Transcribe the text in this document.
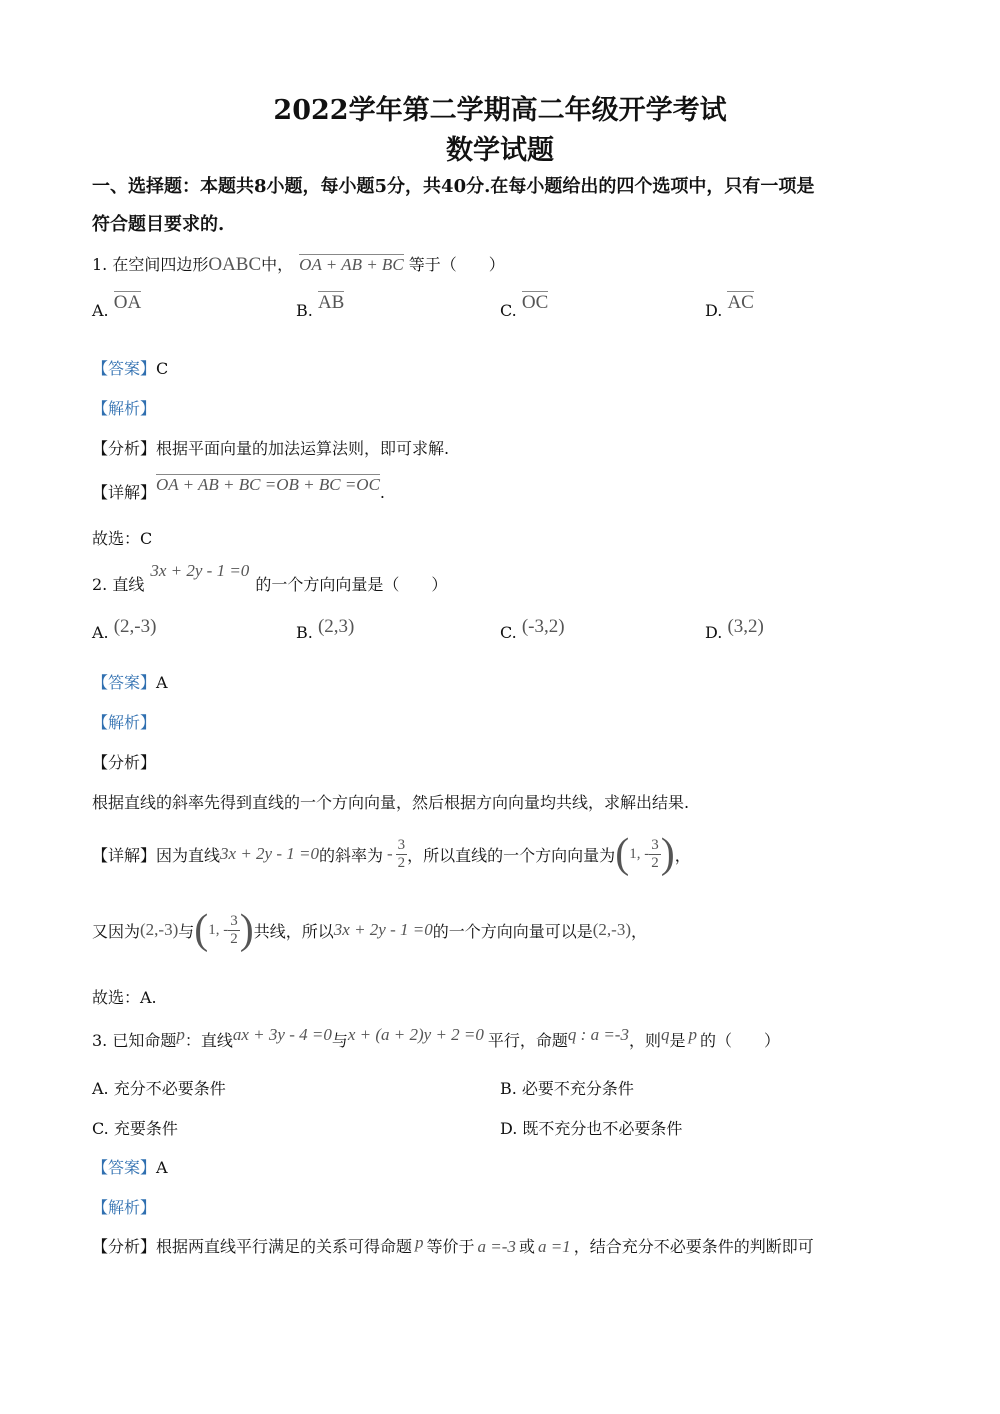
2022学年第二学期高二年级开学考试
数学试题
一、选择题：本题共8小题，每小题5分，共40分.在每小题给出的四个选项中，只有一项是
符合题目要求的.
1. 在空间四边形OABC中， OA + AB + BC 等于（　　）
A. OA	B. AB	C. OC	D. AC
【答案】C
【解析】
【分析】根据平面向量的加法运算法则，即可求解.
【详解】OA + AB + BC =OB + BC =OC.
故选：C
2. 直线3x + 2y - 1 =0的一个方向向量是（　　）
A. (2,-3)	B. (2,3)	C. (-3,2)	D. (3,2)
【答案】A
【解析】
【分析】
根据直线的斜率先得到直线的一个方向向量，然后根据方向向量均共线，求解出结果.
【详解】 因为直线 3x + 2y - 1 =0 的斜率为 - $\frac{3}{2}$ ，所以直线的一个方向向量为 ( 1, - $\frac{3}{2}$ ) ，
又因为 (2,-3) 与 ( 1, - $\frac{3}{2}$ ) 共线，所以 3x + 2y - 1 =0 的一个方向向量可以是 (2,-3) ，
故选：A.
3. 已知命题p：直线ax + 3y - 4 =0与x + (a + 2)y + 2 =0 平行，命题q : a =-3，则q是 p 的（　　）
A. 充分不必要条件	B. 必要不充分条件
C. 充要条件	D. 既不充分也不必要条件
【答案】A
【解析】
【分析】根据两直线平行满足的关系可得命题 p 等价于 a =-3 或 a =1 ，结合充分不必要条件的判断即可
